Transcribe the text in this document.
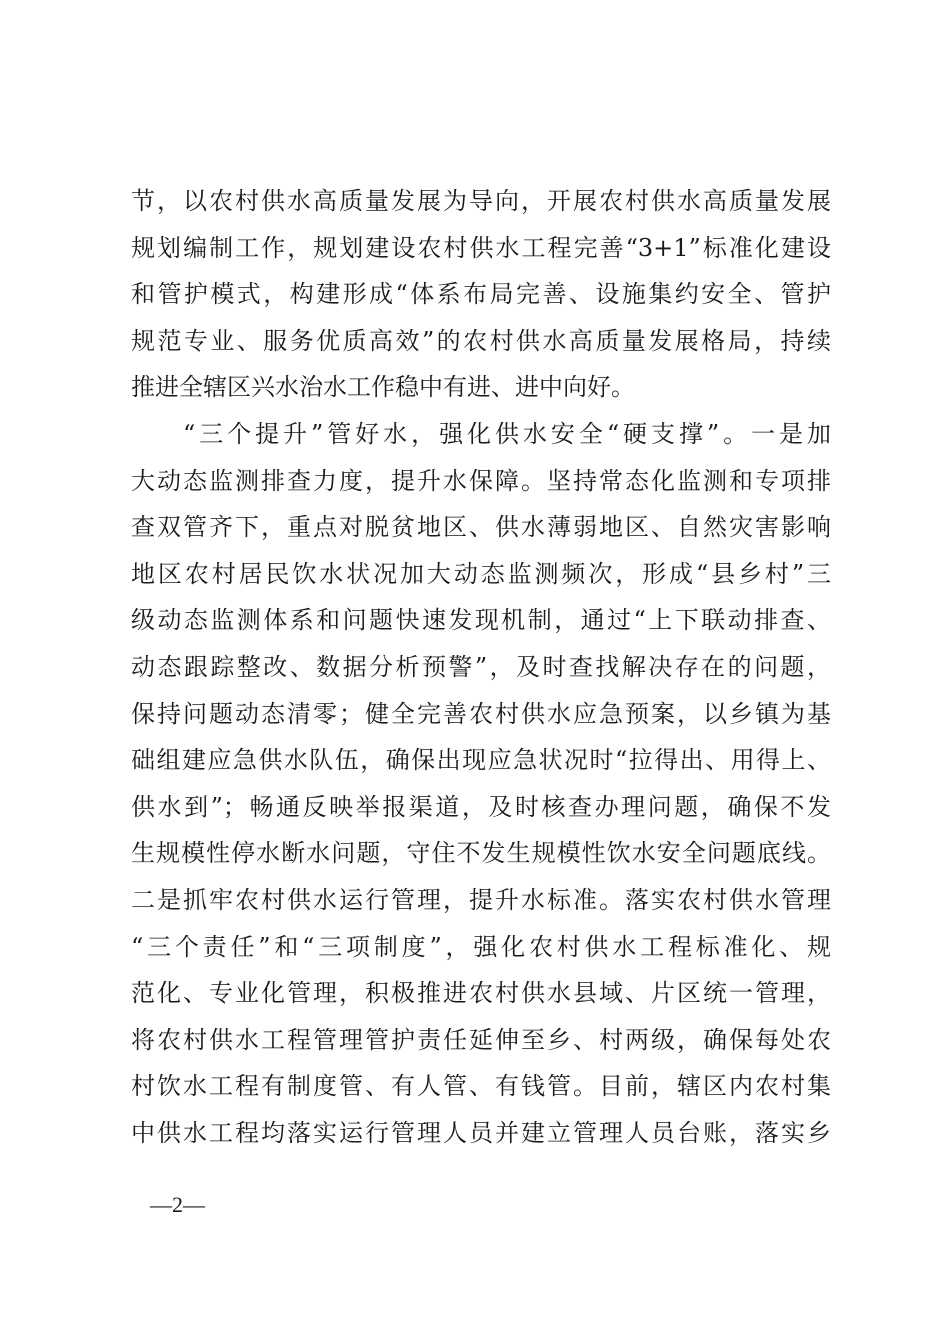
节，以农村供水高质量发展为导向，开展农村供水高质量发展
规划编制工作，规划建设农村供水工程完善“3+1”标准化建设
和管护模式，构建形成“体系布局完善、设施集约安全、管护
规范专业、服务优质高效”的农村供水高质量发展格局，持续
推进全辖区兴水治水工作稳中有进、进中向好。
“三个提升”管好水，强化供水安全“硬支撑”。一是加
大动态监测排查力度，提升水保障。坚持常态化监测和专项排
查双管齐下，重点对脱贫地区、供水薄弱地区、自然灾害影响
地区农村居民饮水状况加大动态监测频次，形成“县乡村”三
级动态监测体系和问题快速发现机制，通过“上下联动排查、
动态跟踪整改、数据分析预警”，及时查找解决存在的问题，
保持问题动态清零；健全完善农村供水应急预案，以乡镇为基
础组建应急供水队伍，确保出现应急状况时“拉得出、用得上、
供水到”；畅通反映举报渠道，及时核查办理问题，确保不发
生规模性停水断水问题，守住不发生规模性饮水安全问题底线。
二是抓牢农村供水运行管理，提升水标准。落实农村供水管理
“三个责任”和“三项制度”，强化农村供水工程标准化、规
范化、专业化管理，积极推进农村供水县域、片区统一管理，
将农村供水工程管理管护责任延伸至乡、村两级，确保每处农
村饮水工程有制度管、有人管、有钱管。目前，辖区内农村集
中供水工程均落实运行管理人员并建立管理人员台账，落实乡
—2—
